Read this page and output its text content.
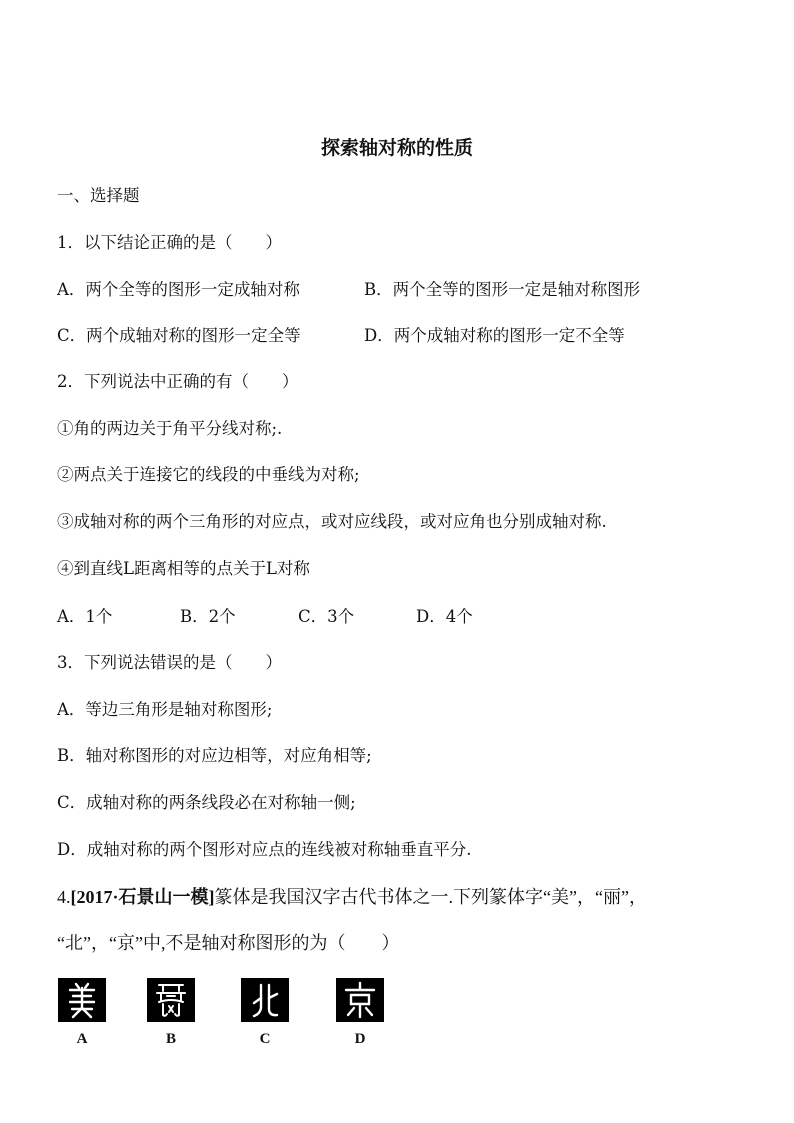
探索轴对称的性质
一、选择题
1．以下结论正确的是（　　）
A．两个全等的图形一定成轴对称	B．两个全等的图形一定是轴对称图形
C．两个成轴对称的图形一定全等	D．两个成轴对称的图形一定不全等
2．下列说法中正确的有（　　）
①角的两边关于角平分线对称;.
②两点关于连接它的线段的中垂线为对称;
③成轴对称的两个三角形的对应点，或对应线段，或对应角也分别成轴对称.
④到直线L距离相等的点关于L对称
A．1个	B．2个	C．3个	D．4个
3．下列说法错误的是（　　）
A．等边三角形是轴对称图形;
B．轴对称图形的对应边相等，对应角相等;
C．成轴对称的两条线段必在对称轴一侧;
D．成轴对称的两个图形对应点的连线被对称轴垂直平分.
4.[2017·石景山一模]篆体是我国汉字古代书体之一.下列篆体字“美”，“丽”，
“北”，“京”中,不是轴对称图形的为（　　）
A	B	C	D
